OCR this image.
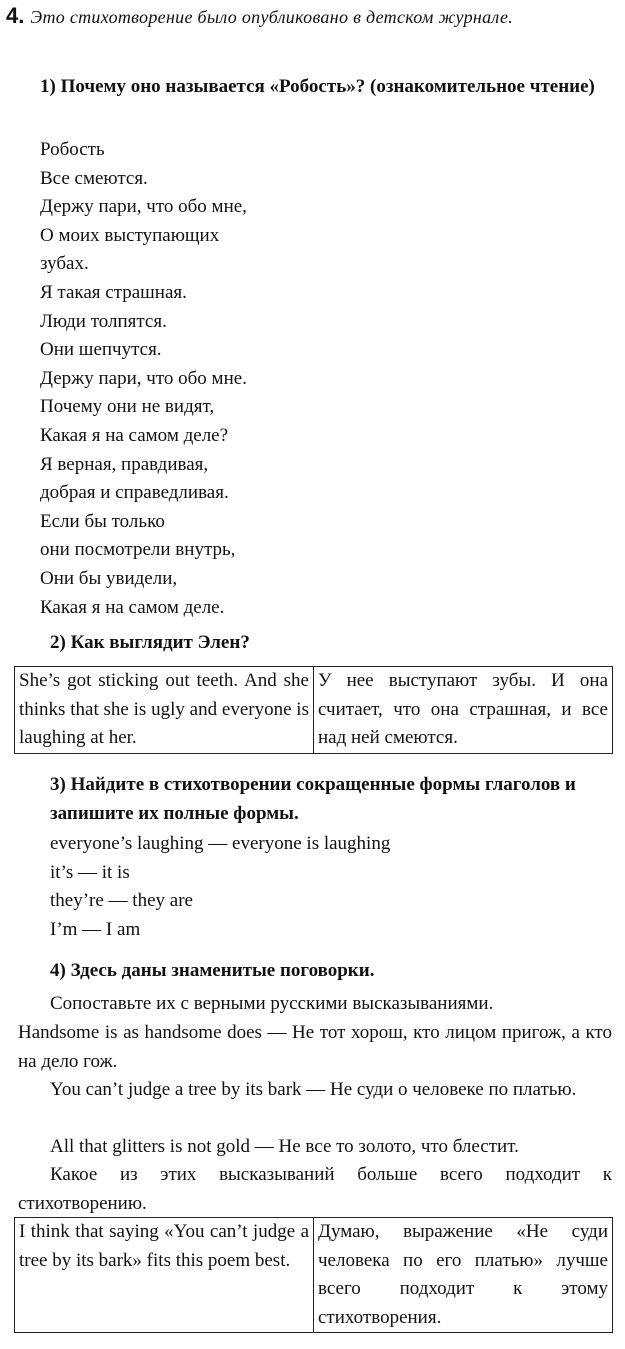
4. Это стихотворение было опубликовано в детском журнале.
1) Почему оно называется «Робость»? (ознакомительное чтение)
Робость
Все смеются.
Держу пари, что обо мне,
О моих выступающих
зубах.
Я такая страшная.
Люди толпятся.
Они шепчутся.
Держу пари, что обо мне.
Почему они не видят,
Какая я на самом деле?
Я верная, правдивая,
добрая и справедливая.
Если бы только
они посмотрели внутрь,
Они бы увидели,
Какая я на самом деле.
2) Как выглядит Элен?
She’s got sticking out teeth. And she thinks that she is ugly and everyone is laughing at her.	У нее выступают зубы. И она считает, что она страшная, и все над ней смеются.
3) Найдите в стихотворении сокращенные формы глаголов и запишите их полные формы.
everyone’s laughing — everyone is laughing
it’s — it is
they’re — they are
I’m — I am
4) Здесь даны знаменитые поговорки.
Сопоставьте их с верными русскими высказываниями.
Handsome is as handsome does — Не тот хорош, кто лицом пригож, а кто на дело гож.
You can’t judge a tree by its bark — Не суди о человеке по платью.
All that glitters is not gold — Не все то золото, что блестит.
Какое из этих высказываний больше всего подходит к стихотворению.
I think that saying «You can’t judge a tree by its bark» fits this poem best.	Думаю, выражение «Не суди человека по его платью» лучше всего подходит к этому стихотворения.
